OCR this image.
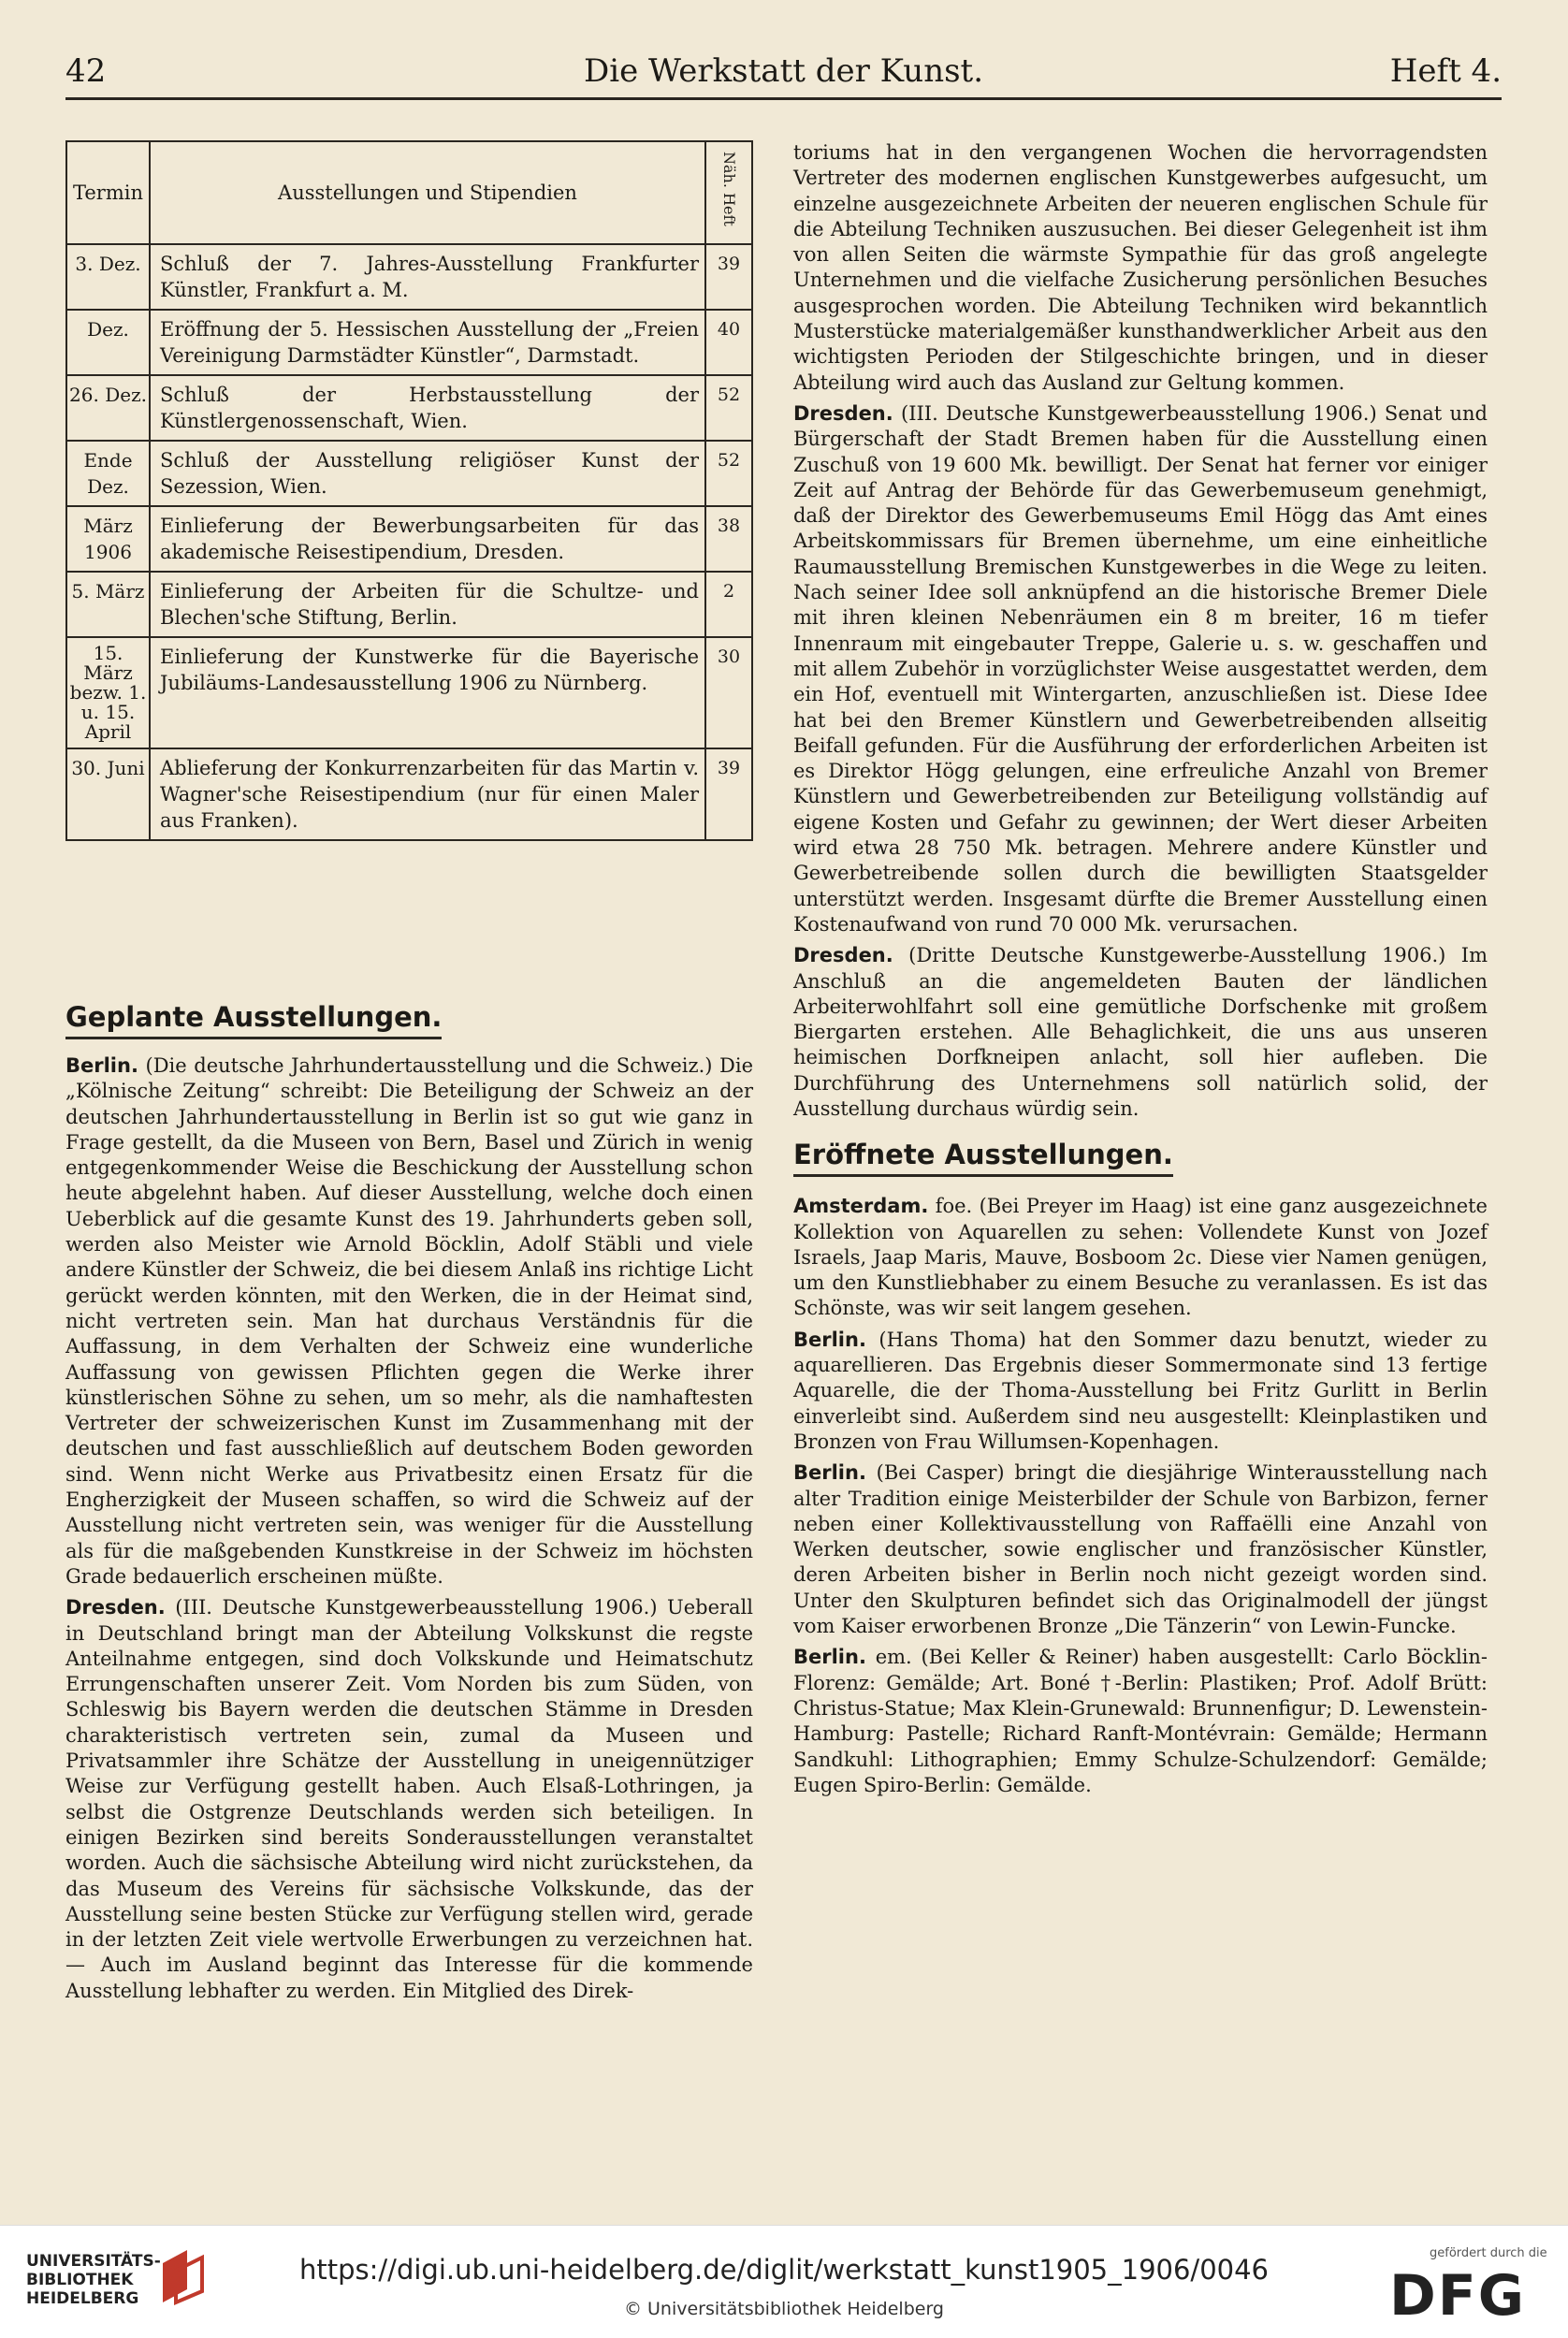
42	Die Werkstatt der Kunst.	Heft 4.
Termin	Ausstellungen und Stipendien	Näh. Heft
3. Dez.	Schluß der 7. Jahres-Ausstellung Frankfurter Künstler, Frankfurt a. M.	39
Dez.	Eröffnung der 5. Hessischen Ausstellung der „Freien Vereinigung Darmstädter Künstler“, Darmstadt.	40
26. Dez.	Schluß der Herbstausstellung der Künstlergenossenschaft, Wien.	52
Ende Dez.	Schluß der Ausstellung religiöser Kunst der Sezession, Wien.	52
März 1906	Einlieferung der Bewerbungsarbeiten für das akademische Reisestipendium, Dresden.	38
5. März	Einlieferung der Arbeiten für die Schultze- und Blechen'sche Stiftung, Berlin.	2
15. März bezw. 1. u. 15. April	Einlieferung der Kunstwerke für die Bayerische Jubiläums-Landesausstellung 1906 zu Nürnberg.	30
30. Juni	Ablieferung der Konkurrenzarbeiten für das Martin v. Wagner'sche Reisestipendium (nur für einen Maler aus Franken).	39
Geplante Ausstellungen.

Berlin. (Die deutsche Jahrhundertausstellung und die Schweiz.) Die „Kölnische Zeitung“ schreibt: Die Beteiligung der Schweiz an der deutschen Jahrhundertausstellung in Berlin ist so gut wie ganz in Frage gestellt, da die Museen von Bern, Basel und Zürich in wenig entgegenkommender Weise die Beschickung der Ausstellung schon heute abgelehnt haben. Auf dieser Ausstellung, welche doch einen Ueberblick auf die gesamte Kunst des 19. Jahrhunderts geben soll, werden also Meister wie Arnold Böcklin, Adolf Stäbli und viele andere Künstler der Schweiz, die bei diesem Anlaß ins richtige Licht gerückt werden könnten, mit den Werken, die in der Heimat sind, nicht vertreten sein. Man hat durchaus Verständnis für die Auffassung, in dem Verhalten der Schweiz eine wunderliche Auffassung von gewissen Pflichten gegen die Werke ihrer künstlerischen Söhne zu sehen, um so mehr, als die namhaftesten Vertreter der schweizerischen Kunst im Zusammenhang mit der deutschen und fast ausschließlich auf deutschem Boden geworden sind. Wenn nicht Werke aus Privatbesitz einen Ersatz für die Engherzigkeit der Museen schaffen, so wird die Schweiz auf der Ausstellung nicht vertreten sein, was weniger für die Ausstellung als für die maßgebenden Kunstkreise in der Schweiz im höchsten Grade bedauerlich erscheinen müßte.

Dresden. (III. Deutsche Kunstgewerbeausstellung 1906.) Ueberall in Deutschland bringt man der Abteilung Volkskunst die regste Anteilnahme entgegen, sind doch Volkskunde und Heimatschutz Errungenschaften unserer Zeit. Vom Norden bis zum Süden, von Schleswig bis Bayern werden die deutschen Stämme in Dresden charakteristisch vertreten sein, zumal da Museen und Privatsammler ihre Schätze der Ausstellung in uneigennütziger Weise zur Verfügung gestellt haben. Auch Elsaß-Lothringen, ja selbst die Ostgrenze Deutschlands werden sich beteiligen. In einigen Bezirken sind bereits Sonderausstellungen veranstaltet worden. Auch die sächsische Abteilung wird nicht zurückstehen, da das Museum des Vereins für sächsische Volkskunde, das der Ausstellung seine besten Stücke zur Verfügung stellen wird, gerade in der letzten Zeit viele wertvolle Erwerbungen zu verzeichnen hat. — Auch im Ausland beginnt das Interesse für die kommende Ausstellung lebhafter zu werden. Ein Mitglied des Direk-

toriums hat in den vergangenen Wochen die hervorragendsten Vertreter des modernen englischen Kunstgewerbes aufgesucht, um einzelne ausgezeichnete Arbeiten der neueren englischen Schule für die Abteilung Techniken auszusuchen. Bei dieser Gelegenheit ist ihm von allen Seiten die wärmste Sympathie für das groß angelegte Unternehmen und die vielfache Zusicherung persönlichen Besuches ausgesprochen worden. Die Abteilung Techniken wird bekanntlich Musterstücke materialgemäßer kunsthandwerklicher Arbeit aus den wichtigsten Perioden der Stilgeschichte bringen, und in dieser Abteilung wird auch das Ausland zur Geltung kommen.

Dresden. (III. Deutsche Kunstgewerbeausstellung 1906.) Senat und Bürgerschaft der Stadt Bremen haben für die Ausstellung einen Zuschuß von 19 600 Mk. bewilligt. Der Senat hat ferner vor einiger Zeit auf Antrag der Behörde für das Gewerbemuseum genehmigt, daß der Direktor des Gewerbemuseums Emil Högg das Amt eines Arbeitskommissars für Bremen übernehme, um eine einheitliche Raumausstellung Bremischen Kunstgewerbes in die Wege zu leiten. Nach seiner Idee soll anknüpfend an die historische Bremer Diele mit ihren kleinen Nebenräumen ein 8 m breiter, 16 m tiefer Innenraum mit eingebauter Treppe, Galerie u. s. w. geschaffen und mit allem Zubehör in vorzüglichster Weise ausgestattet werden, dem ein Hof, eventuell mit Wintergarten, anzuschließen ist. Diese Idee hat bei den Bremer Künstlern und Gewerbetreibenden allseitig Beifall gefunden. Für die Ausführung der erforderlichen Arbeiten ist es Direktor Högg gelungen, eine erfreuliche Anzahl von Bremer Künstlern und Gewerbetreibenden zur Beteiligung vollständig auf eigene Kosten und Gefahr zu gewinnen; der Wert dieser Arbeiten wird etwa 28 750 Mk. betragen. Mehrere andere Künstler und Gewerbetreibende sollen durch die bewilligten Staatsgelder unterstützt werden. Insgesamt dürfte die Bremer Ausstellung einen Kostenaufwand von rund 70 000 Mk. verursachen.

Dresden. (Dritte Deutsche Kunstgewerbe-Ausstellung 1906.) Im Anschluß an die angemeldeten Bauten der ländlichen Arbeiterwohlfahrt soll eine gemütliche Dorfschenke mit großem Biergarten erstehen. Alle Behaglichkeit, die uns aus unseren heimischen Dorfkneipen anlacht, soll hier aufleben. Die Durchführung des Unternehmens soll natürlich solid, der Ausstellung durchaus würdig sein.

Eröffnete Ausstellungen.

Amsterdam. foe. (Bei Preyer im Haag) ist eine ganz ausgezeichnete Kollektion von Aquarellen zu sehen: Vollendete Kunst von Jozef Israels, Jaap Maris, Mauve, Bosboom 2c. Diese vier Namen genügen, um den Kunstliebhaber zu einem Besuche zu veranlassen. Es ist das Schönste, was wir seit langem gesehen.

Berlin. (Hans Thoma) hat den Sommer dazu benutzt, wieder zu aquarellieren. Das Ergebnis dieser Sommermonate sind 13 fertige Aquarelle, die der Thoma-Ausstellung bei Fritz Gurlitt in Berlin einverleibt sind. Außerdem sind neu ausgestellt: Kleinplastiken und Bronzen von Frau Willumsen-Kopenhagen.

Berlin. (Bei Casper) bringt die diesjährige Winterausstellung nach alter Tradition einige Meisterbilder der Schule von Barbizon, ferner neben einer Kollektivausstellung von Raffaëlli eine Anzahl von Werken deutscher, sowie englischer und französischer Künstler, deren Arbeiten bisher in Berlin noch nicht gezeigt worden sind. Unter den Skulpturen befindet sich das Originalmodell der jüngst vom Kaiser erworbenen Bronze „Die Tänzerin“ von Lewin-Funcke.

Berlin. em. (Bei Keller & Reiner) haben ausgestellt: Carlo Böcklin-Florenz: Gemälde; Art. Boné †-Berlin: Plastiken; Prof. Adolf Brütt: Christus-Statue; Max Klein-Grunewald: Brunnenfigur; D. Lewenstein-Hamburg: Pastelle; Richard Ranft-Montévrain: Gemälde; Hermann Sandkuhl: Lithographien; Emmy Schulze-Schulzendorf: Gemälde; Eugen Spiro-Berlin: Gemälde.

UNIVERSITÄTS-
BIBLIOTHEK
HEIDELBERG
https://digi.ub.uni-heidelberg.de/diglit/werkstatt_kunst1905_1906/0046
© Universitätsbibliothek Heidelberg
gefördert durch die
DFG
